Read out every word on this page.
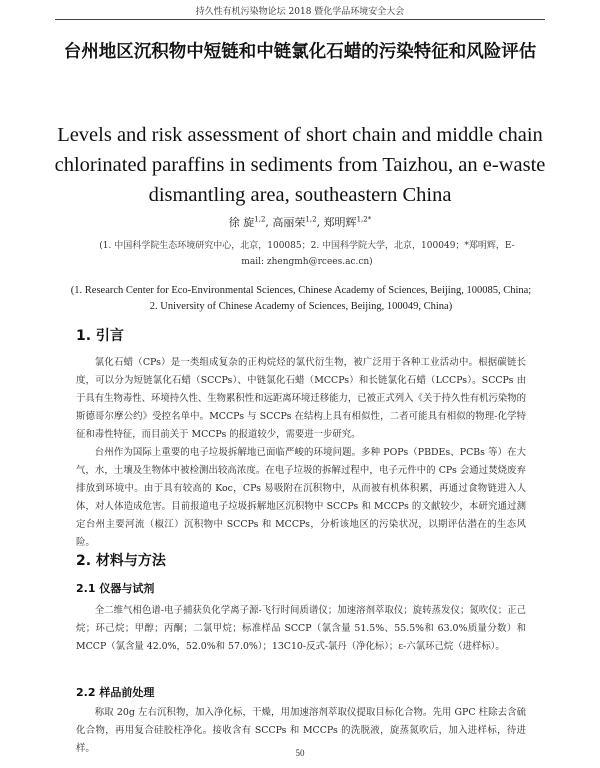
持久性有机污染物论坛 2018 暨化学品环境安全大会
台州地区沉积物中短链和中链氯化石蜡的污染特征和风险评估
Levels and risk assessment of short chain and middle chain chlorinated paraffins in sediments from Taizhou, an e-waste dismantling area, southeastern China
徐 旋$^{1,2}$, 高丽荣$^{1,2}$, 郑明辉$^{1,2*}$
(1. 中国科学院生态环境研究中心，北京，100085；2. 中国科学院大学，北京，100049；*郑明辉，E-mail: zhengmh@rcees.ac.cn)
(1. Research Center for Eco-Environmental Sciences, Chinese Academy of Sciences, Beijing, 100085, China; 2. University of Chinese Academy of Sciences, Beijing, 100049, China)
1. 引言

氯化石蜡（CPs）是一类组成复杂的正构烷烃的氯代衍生物，被广泛用于各种工业活动中。根据碳链长度，可以分为短链氯化石蜡（SCCPs）、中链氯化石蜡（MCCPs）和长链氯化石蜡（LCCPs）。SCCPs 由于具有生物毒性、环境持久性、生物累积性和远距离环境迁移能力，已被正式列入《关于持久性有机污染物的斯德哥尔摩公约》受控名单中。MCCPs 与 SCCPs 在结构上具有相似性，二者可能具有相似的物理-化学特征和毒性特征，而目前关于 MCCPs 的报道较少，需要进一步研究。

台州作为国际上重要的电子垃圾拆解地已面临严峻的环境问题。多种 POPs（PBDEs、PCBs 等）在大气，水，土壤及生物体中被检测出较高浓度。在电子垃圾的拆解过程中，电子元件中的 CPs 会通过焚烧废弃排放到环境中。由于具有较高的 Koc，CPs 易吸附在沉积物中，从而被有机体积累，再通过食物链进入人体，对人体造成危害。目前报道电子垃圾拆解地区沉积物中 SCCPs 和 MCCPs 的文献较少，本研究通过测定台州主要河流（椒江）沉积物中 SCCPs 和 MCCPs，分析该地区的污染状况，以期评估潜在的生态风险。

2. 材料与方法
2.1 仪器与试剂

全二维气相色谱-电子捕获负化学离子源-飞行时间质谱仪；加速溶剂萃取仪；旋转蒸发仪；氮吹仪；正己烷；环己烷；甲醇；丙酮；二氯甲烷；标准样品 SCCP（氯含量 51.5%、55.5%和 63.0%质量分数）和 MCCP（氯含量 42.0%，52.0%和 57.0%）；13C10-反式-氯丹（净化标）；ε-六氯环己烷（进样标）。

2.2 样品前处理

称取 20g 左右沉积物，加入净化标，干燥，用加速溶剂萃取仪提取目标化合物。先用 GPC 柱除去含硫化合物，再用复合硅胶柱净化。接收含有 SCCPs 和 MCCPs 的洗脱液，旋蒸氮吹后，加入进样标，待进样。	50
